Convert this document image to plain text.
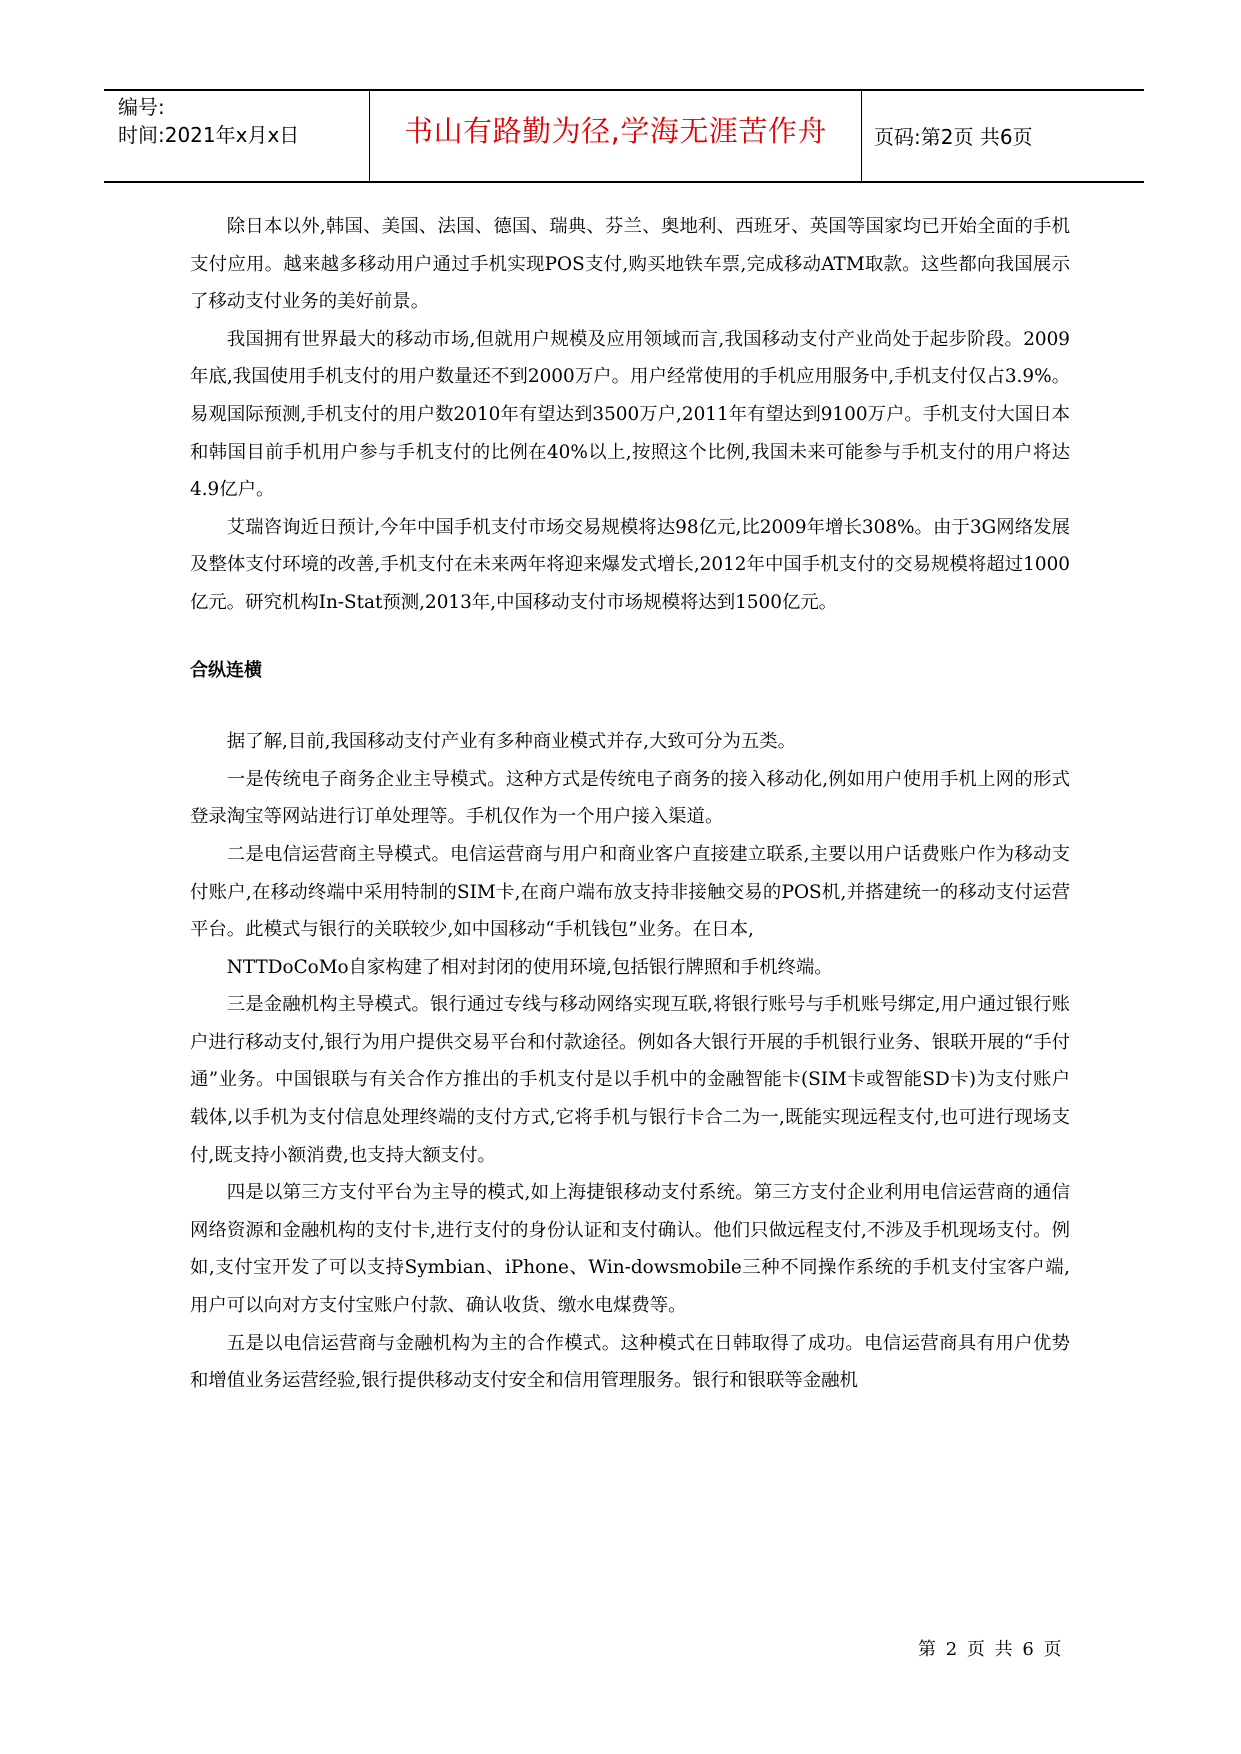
编号:
时间:2021年x月x日	书山有路勤为径,学海无涯苦作舟	页码:第2页 共6页

除日本以外,韩国、美国、法国、德国、瑞典、芬兰、奥地利、西班牙、英国等国家均已开始全面的手机支付应用。越来越多移动用户通过手机实现POS支付,购买地铁车票,完成移动ATM取款。这些都向我国展示了移动支付业务的美好前景。

我国拥有世界最大的移动市场,但就用户规模及应用领域而言,我国移动支付产业尚处于起步阶段。2009年底,我国使用手机支付的用户数量还不到2000万户。用户经常使用的手机应用服务中,手机支付仅占3.9%。易观国际预测,手机支付的用户数2010年有望达到3500万户,2011年有望达到9100万户。手机支付大国日本和韩国目前手机用户参与手机支付的比例在40%以上,按照这个比例,我国未来可能参与手机支付的用户将达4.9亿户。

艾瑞咨询近日预计,今年中国手机支付市场交易规模将达98亿元,比2009年增长308%。由于3G网络发展及整体支付环境的改善,手机支付在未来两年将迎来爆发式增长,2012年中国手机支付的交易规模将超过1000亿元。研究机构In-Stat预测,2013年,中国移动支付市场规模将达到1500亿元。

合纵连横

据了解,目前,我国移动支付产业有多种商业模式并存,大致可分为五类。

一是传统电子商务企业主导模式。这种方式是传统电子商务的接入移动化,例如用户使用手机上网的形式登录淘宝等网站进行订单处理等。手机仅作为一个用户接入渠道。

二是电信运营商主导模式。电信运营商与用户和商业客户直接建立联系,主要以用户话费账户作为移动支付账户,在移动终端中采用特制的SIM卡,在商户端布放支持非接触交易的POS机,并搭建统一的移动支付运营平台。此模式与银行的关联较少,如中国移动“手机钱包”业务。在日本,

NTTDoCoMo自家构建了相对封闭的使用环境,包括银行牌照和手机终端。

三是金融机构主导模式。银行通过专线与移动网络实现互联,将银行账号与手机账号绑定,用户通过银行账户进行移动支付,银行为用户提供交易平台和付款途径。例如各大银行开展的手机银行业务、银联开展的“手付通”业务。中国银联与有关合作方推出的手机支付是以手机中的金融智能卡(SIM卡或智能SD卡)为支付账户载体,以手机为支付信息处理终端的支付方式,它将手机与银行卡合二为一,既能实现远程支付,也可进行现场支付,既支持小额消费,也支持大额支付。

四是以第三方支付平台为主导的模式,如上海捷银移动支付系统。第三方支付企业利用电信运营商的通信网络资源和金融机构的支付卡,进行支付的身份认证和支付确认。他们只做远程支付,不涉及手机现场支付。例如,支付宝开发了可以支持Symbian、iPhone、Win-dowsmobile三种不同操作系统的手机支付宝客户端,用户可以向对方支付宝账户付款、确认收货、缴水电煤费等。

五是以电信运营商与金融机构为主的合作模式。这种模式在日韩取得了成功。电信运营商具有用户优势和增值业务运营经验,银行提供移动支付安全和信用管理服务。银行和银联等金融机

第 2 页 共 6 页
